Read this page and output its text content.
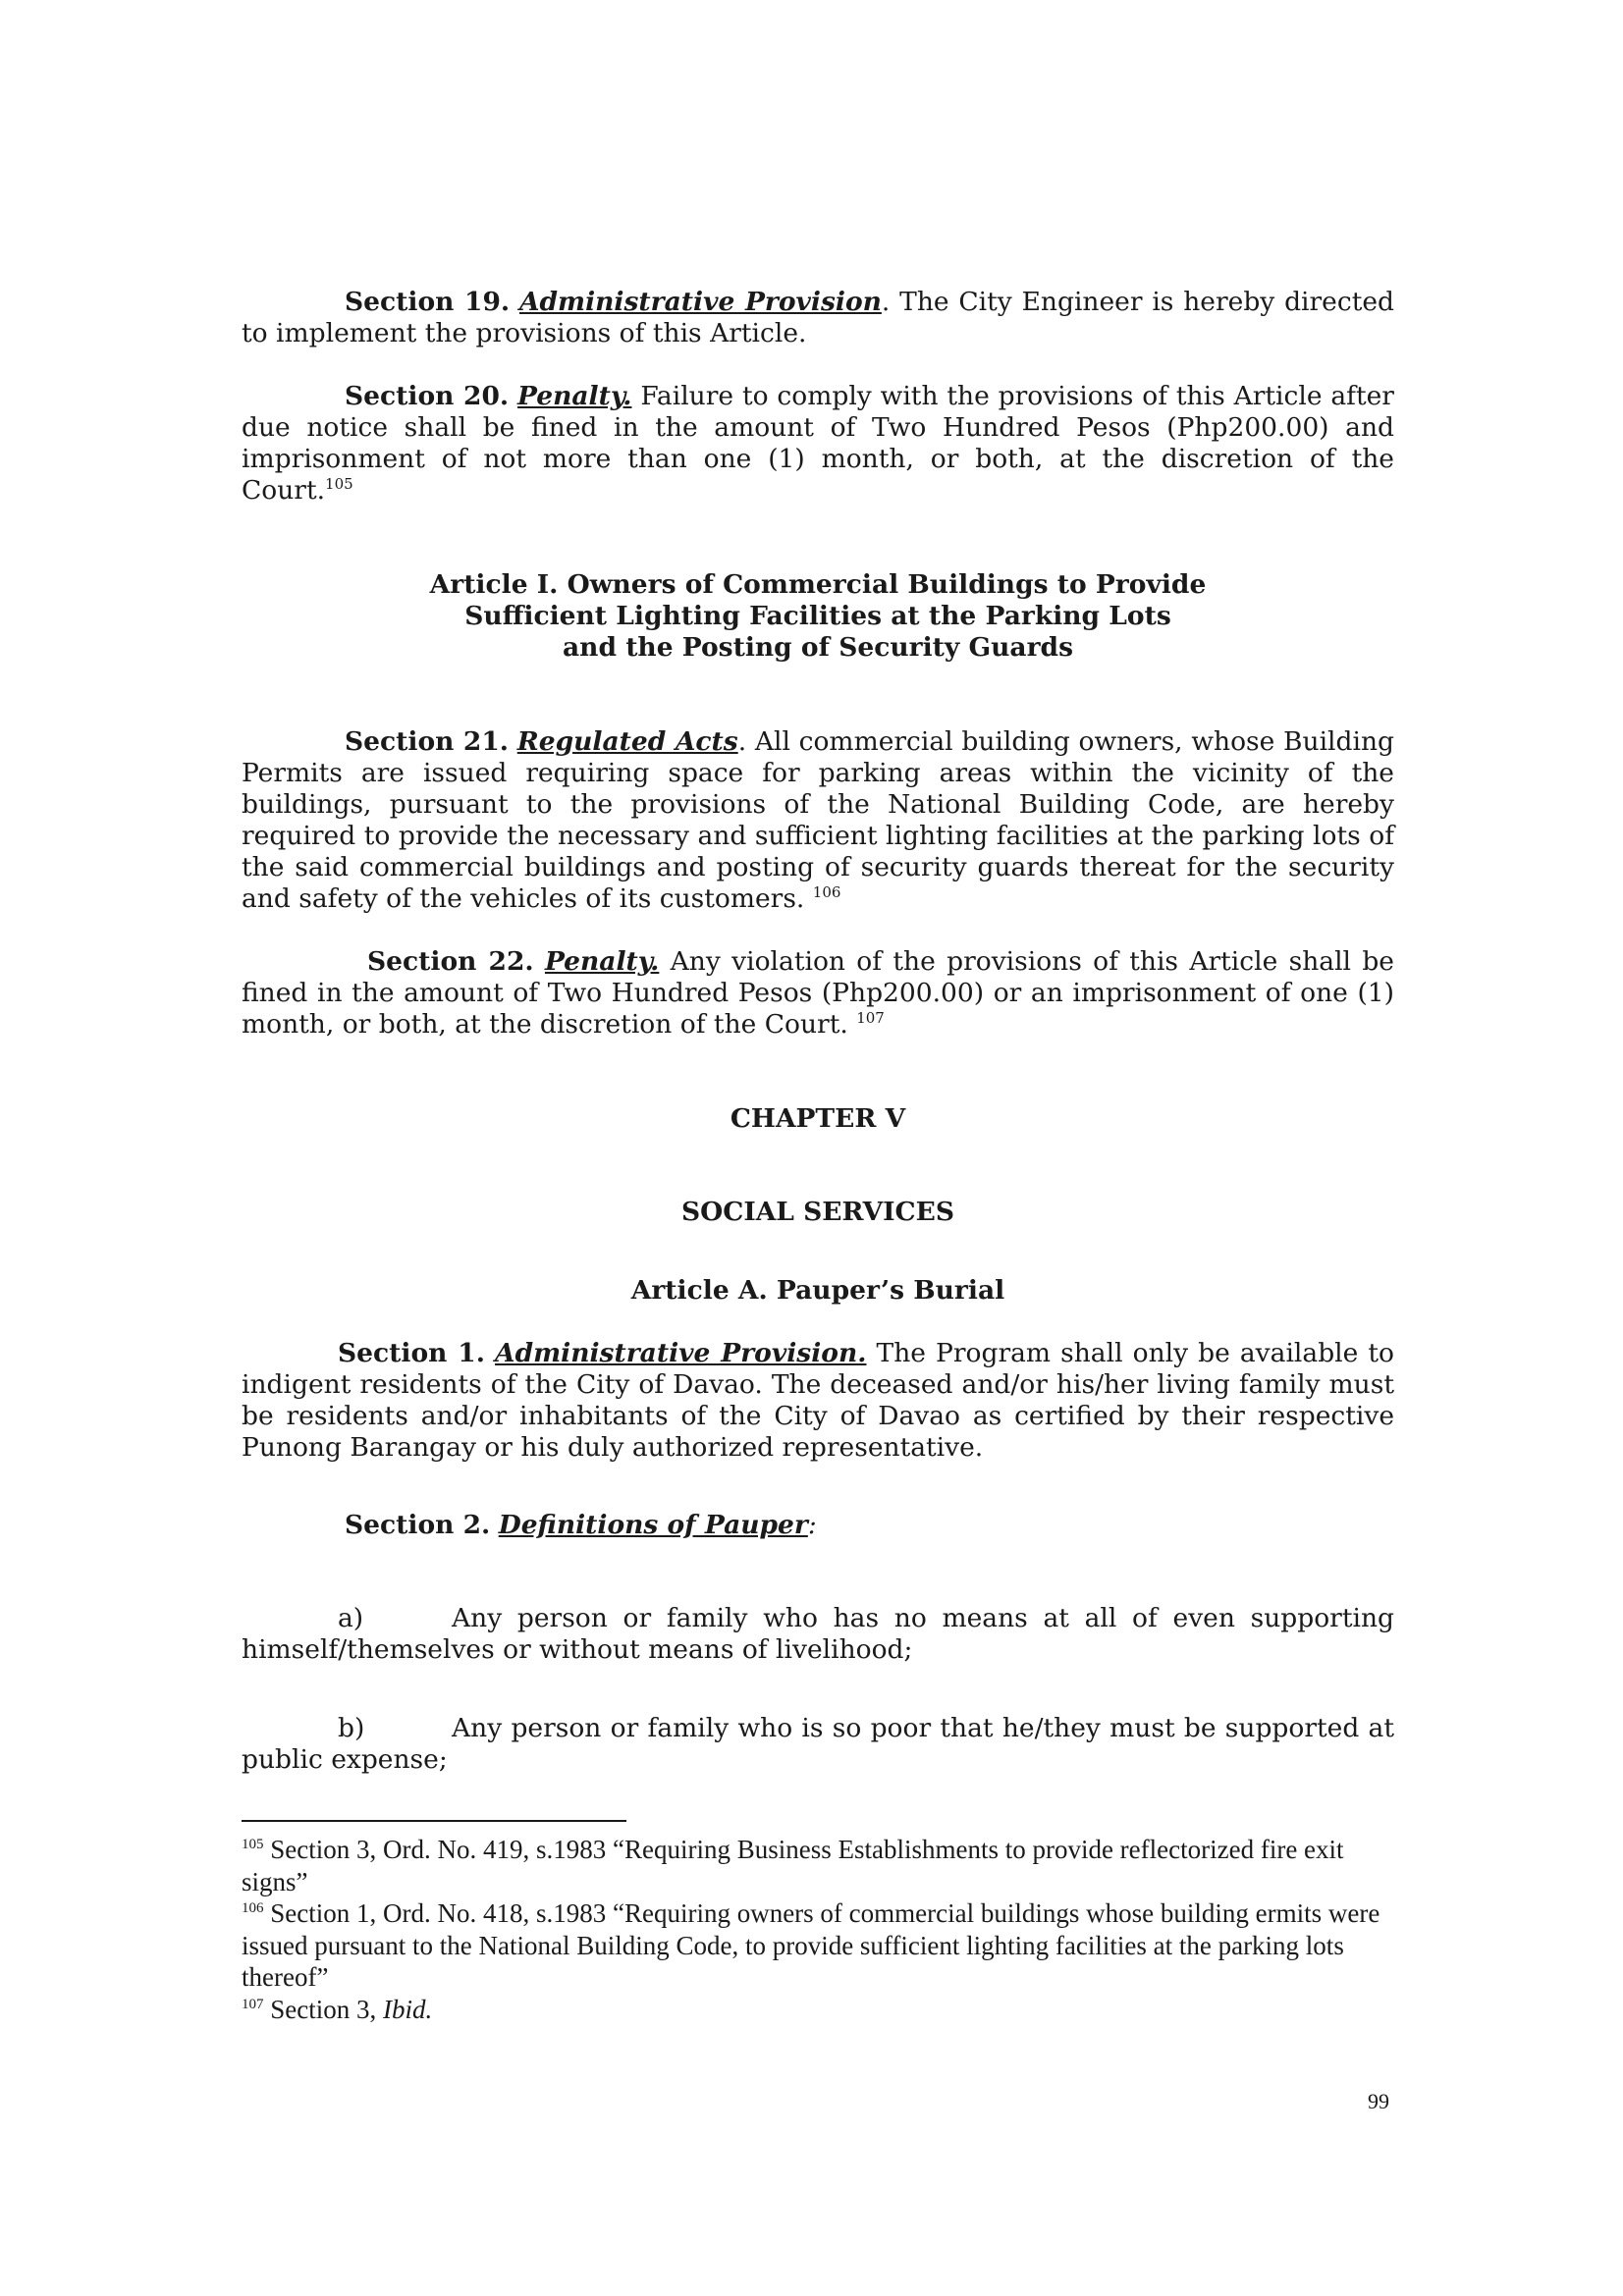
Section 19. Administrative Provision. The City Engineer is hereby directed to implement the provisions of this Article.

Section 20. Penalty. Failure to comply with the provisions of this Article after due notice shall be fined in the amount of Two Hundred Pesos (Php200.00) and imprisonment of not more than one (1) month, or both, at the discretion of the Court.$^{105}$

Article I. Owners of Commercial Buildings to Provide
Sufficient Lighting Facilities at the Parking Lots
and the Posting of Security Guards

Section 21. Regulated Acts. All commercial building owners, whose Building Permits are issued requiring space for parking areas within the vicinity of the buildings, pursuant to the provisions of the National Building Code, are hereby required to provide the necessary and sufficient lighting facilities at the parking lots of the said commercial buildings and posting of security guards thereat for the security and safety of the vehicles of its customers. $^{106}$

Section 22. Penalty. Any violation of the provisions of this Article shall be fined in the amount of Two Hundred Pesos (Php200.00) or an imprisonment of one (1) month, or both, at the discretion of the Court. $^{107}$

CHAPTER V
SOCIAL SERVICES
Article A. Pauper’s Burial

Section 1. Administrative Provision. The Program shall only be available to indigent residents of the City of Davao. The deceased and/or his/her living family must be residents and/or inhabitants of the City of Davao as certified by their respective Punong Barangay or his duly authorized representative.

Section 2. Definitions of Pauper:

a)	Any person or family who has no means at all of even supporting himself/themselves or without means of livelihood;

b)	Any person or family who is so poor that he/they must be supported at public expense;

$^{105}$ Section 3, Ord. No. 419, s.1983 “Requiring Business Establishments to provide reflectorized fire exit signs”

$^{106}$ Section 1, Ord. No. 418, s.1983 “Requiring owners of commercial buildings whose building ermits were issued pursuant to the National Building Code, to provide sufficient lighting facilities at the parking lots thereof”

$^{107}$ Section 3, Ibid.

99
